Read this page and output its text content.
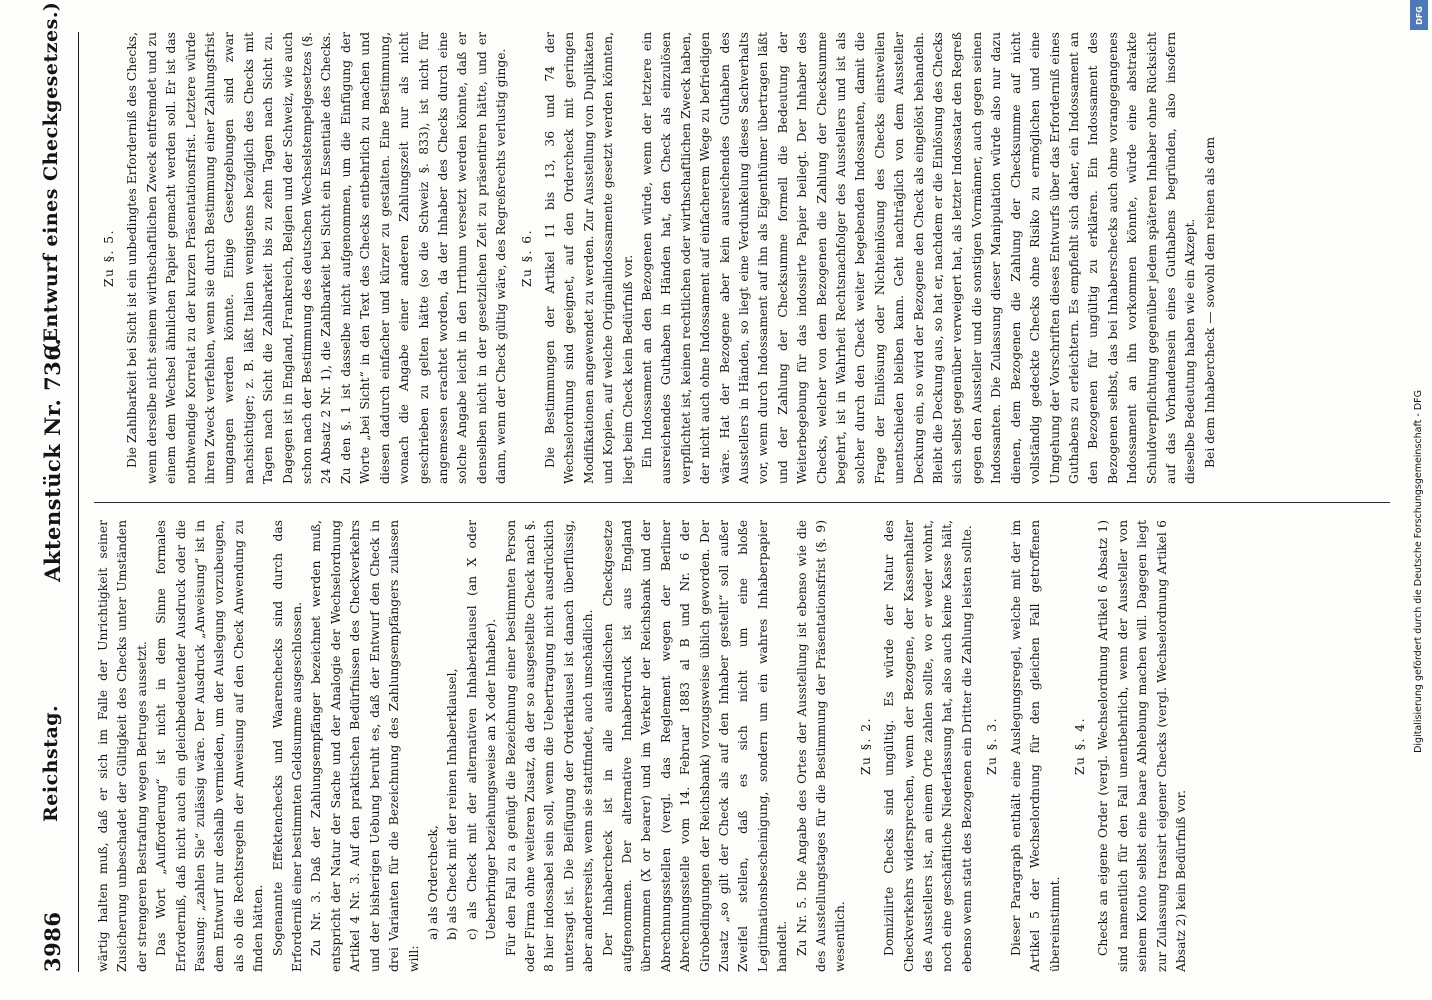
3986
Reichstag.
Aktenstück Nr. 736.
(Entwurf eines Checkgesetzes.)

wärtig halten muß, daß er sich im Falle der Unrichtigkeit seiner Zusicherung unbeschadet der Gültigkeit des Checks unter Umständen der strengeren Bestrafung wegen Betruges aussetzt. Das Wort „Aufforderung“ ist nicht in dem Sinne formales Erforderniß, daß nicht auch ein gleichbedeutender Ausdruck oder die Fassung: „zahlen Sie“ zulässig wäre. Der Ausdruck „Anweisung“ ist in dem Entwurf nur deshalb vermieden, um der Auslegung vorzubeugen, als ob die Rechtsregeln der Anweisung auf den Check Anwendung zu finden hätten. Sogenannte Effektenchecks und Waarenchecks sind durch das Erforderniß einer bestimmten Geldsumme ausgeschlossen. Zu Nr. 3. Daß der Zahlungsempfänger bezeichnet werden muß, entspricht der Natur der Sache und der Analogie der Wechselordnung Artikel 4 Nr. 3. Auf den praktischen Bedürfnissen des Checkverkehrs und der bisherigen Uebung beruht es, daß der Entwurf den Check in drei Varianten für die Bezeichnung des Zahlungsempfängers zulassen will:

a) als Ordercheck, b) als Check mit der reinen Inhaberklausel, c) als Check mit der alternativen Inhaberklausel (an X oder Ueberbringer beziehungsweise an X oder Inhaber). Für den Fall zu a genügt die Bezeichnung einer bestimmten Person oder Firma ohne weiteren Zusatz, da der so ausgestellte Check nach §. 8 hier indossabel sein soll, wenn die Uebertragung nicht ausdrücklich untersagt ist. Die Beifügung der Orderklausel ist danach überflüssig, aber andererseits, wenn sie stattfindet, auch unschädlich. Der Inhabercheck ist in alle ausländischen Checkgesetze aufgenommen. Der alternative Inhaberdruck ist aus England übernommen (X or bearer) und im Verkehr der Reichsbank und der Abrechnungsstellen (vergl. das Reglement wegen der Berliner Abrechnungsstelle vom 14. Februar 1883 al B und Nr. 6 der Girobedingungen der Reichsbank) vorzugsweise üblich geworden. Der Zusatz „so gilt der Check als auf den Inhaber gestellt“ soll außer Zweifel stellen, daß es sich nicht um eine bloße Legitimationsbescheinigung, sondern um ein wahres Inhaberpapier handelt. Zu Nr. 5. Die Angabe des Ortes der Ausstellung ist ebenso wie die des Ausstellungstages für die Bestimmung der Präsentationsfrist (§. 9) wesentlich.

Zu §. 2. Domizilirte Checks sind ungültig. Es würde der Natur des Checkverkehrs widersprechen, wenn der Bezogene, der Kassenhalter des Ausstellers ist, an einem Orte zahlen sollte, wo er weder wohnt, noch eine geschäftliche Niederlassung hat, also auch keine Kasse hält, ebenso wenn statt des Bezogenen ein Dritter die Zahlung leisten sollte. Zu §. 3. Dieser Paragraph enthält eine Auslegungsregel, welche mit der im Artikel 5 der Wechselordnung für den gleichen Fall getroffenen übereinstimmt.

Zu §. 4. Checks an eigene Order (vergl. Wechselordnung Artikel 6 Absatz 1) sind namentlich für den Fall unentbehrlich, wenn der Aussteller von seinem Konto selbst eine baare Abhebung machen will. Dagegen liegt zur Zulassung trassirt eigener Checks (vergl. Wechselordnung Artikel 6 Absatz 2) kein Bedürfniß vor.

Zu §. 5. Die Zahlbarkeit bei Sicht ist ein unbedingtes Erforderniß des Checks, wenn derselbe nicht seinem wirthschaftlichen Zweck entfremdet und zu einem dem Wechsel ähnlichen Papier gemacht werden soll. Er ist das nothwendige Korrelat zu der kurzen Präsentationsfrist. Letztere würde ihren Zweck verfehlen, wenn sie durch Bestimmung einer Zahlungsfrist umgangen werden könnte. Einige Gesetzgebungen sind zwar nachsichtiger; z. B. läßt Italien wenigstens bezüglich des Checks mit Tagen nach Sicht die Zahlbarkeit bis zu zehn Tagen nach Sicht zu. Dagegen ist in England, Frankreich, Belgien und der Schweiz, wie auch schon nach der Bestimmung des deutschen Wechselstempelgesetzes (§. 24 Absatz 2 Nr. 1), die Zahlbarkeit bei Sicht ein Essentiale des Checks. Zu den §. 1 ist dasselbe nicht aufgenommen, um die Einfügung der Worte „bei Sicht“ in den Text des Checks entbehrlich zu machen und diesen dadurch einfacher und kürzer zu gestalten. Eine Bestimmung, wonach die Angabe einer anderen Zahlungszeit nur als nicht geschrieben zu gelten hätte (so die Schweiz §. 833), ist nicht für angemessen erachtet worden, da der Inhaber des Checks durch eine solche Angabe leicht in den Irrthum versetzt werden könnte, daß er denselben nicht in der gesetzlichen Zeit zu präsentiren hätte, und er dann, wenn der Check gültig wäre, des Regreßrechts verlustig ginge. Zu §. 6. Die Bestimmungen der Artikel 11 bis 13, 36 und 74 der Wechselordnung sind geeignet, auf den Ordercheck mit geringen Modifikationen angewendet zu werden. Zur Ausstellung von Duplikaten und Kopien, auf welche Originalindossamente gesetzt werden könnten, liegt beim Check kein Bedürfniß vor. Ein Indossament an den Bezogenen würde, wenn der letztere ein ausreichendes Guthaben in Händen hat, den Check als einzulösen verpflichtet ist, keinen rechtlichen oder wirthschaftlichen Zweck haben, der nicht auch ohne Indossament auf einfacherem Wege zu befriedigen wäre. Hat der Bezogene aber kein ausreichendes Guthaben des Ausstellers in Händen, so liegt eine Verdunkelung dieses Sachverhalts vor, wenn durch Indossament auf ihn als Eigenthümer übertragen läßt und der Zahlung der Checksumme formell die Bedeutung der Weiterbegebung für das indossirte Papier beilegt. Der Inhaber des Checks, welcher von dem Bezogenen die Zahlung der Checksumme begehrt, ist in Wahrheit Rechtsnachfolger des Ausstellers und ist als solcher durch den Check weiter begebenden Indossanten, damit die Frage der Einlösung oder Nichteinlösung des Checks einstweilen unentschieden bleiben kann. Geht nachträglich von dem Aussteller Deckung ein, so wird der Bezogene den Check als eingelöst behandeln. Bleibt die Deckung aus, so hat er, nachdem er die Einlösung des Checks sich selbst gegenüber verweigert hat, als letzter Indossatar den Regreß gegen den Aussteller und die sonstigen Vormänner, auch gegen seinen Indossanten. Die Zulassung dieser Manipulation würde also nur dazu dienen, dem Bezogenen die Zahlung der Checksumme auf nicht vollständig gedeckte Checks ohne Risiko zu ermöglichen und eine Umgehung der Vorschriften dieses Entwurfs über das Erforderniß eines Guthabens zu erleichtern. Es empfiehlt sich daher, ein Indossament an den Bezogenen für ungültig zu erklären. Ein Indossament des Bezogenen selbst, das bei Inhaberschecks auch ohne vorangegangenes Indossament an ihn vorkommen könnte, würde eine abstrakte Schuldverpflichtung gegenüber jedem späteren Inhaber ohne Rücksicht auf das Vorhandensein eines Guthabens begründen, also insofern dieselbe Bedeutung haben wie ein Akzept. Bei dem Inhabercheck — sowohl dem reinen als dem

Digitalisierung gefördert durch die Deutsche Forschungsgemeinschaft - DFG
DFG
